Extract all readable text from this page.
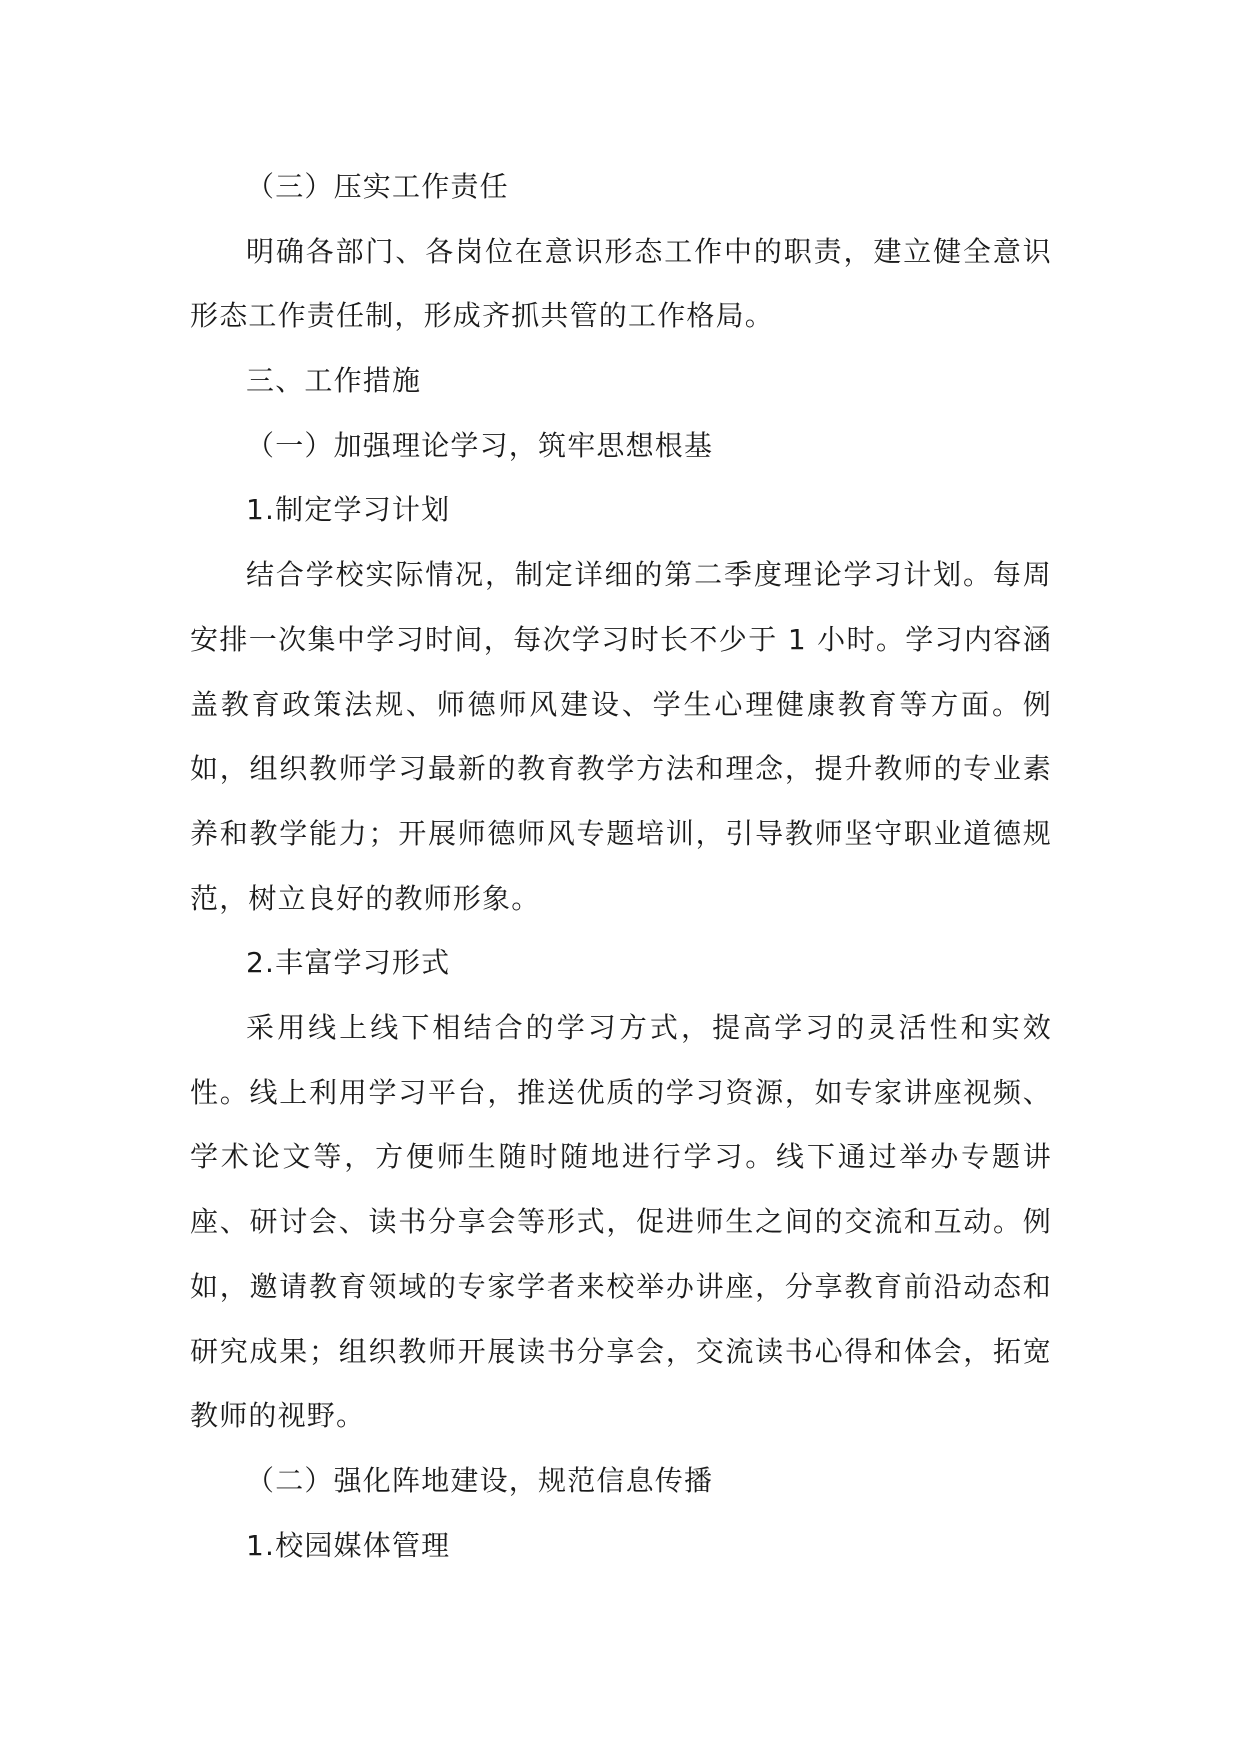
（三）压实工作责任

明确各部门、各岗位在意识形态工作中的职责，建立健全意识形态工作责任制，形成齐抓共管的工作格局。

三、工作措施
（一）加强理论学习，筑牢思想根基
1.制定学习计划

结合学校实际情况，制定详细的第二季度理论学习计划。每周安排一次集中学习时间，每次学习时长不少于 1 小时。学习内容涵盖教育政策法规、师德师风建设、学生心理健康教育等方面。例如，组织教师学习最新的教育教学方法和理念，提升教师的专业素养和教学能力；开展师德师风专题培训，引导教师坚守职业道德规范，树立良好的教师形象。

2.丰富学习形式

采用线上线下相结合的学习方式，提高学习的灵活性和实效性。线上利用学习平台，推送优质的学习资源，如专家讲座视频、学术论文等，方便师生随时随地进行学习。线下通过举办专题讲座、研讨会、读书分享会等形式，促进师生之间的交流和互动。例如，邀请教育领域的专家学者来校举办讲座，分享教育前沿动态和研究成果；组织教师开展读书分享会，交流读书心得和体会，拓宽教师的视野。

（二）强化阵地建设，规范信息传播
1.校园媒体管理
